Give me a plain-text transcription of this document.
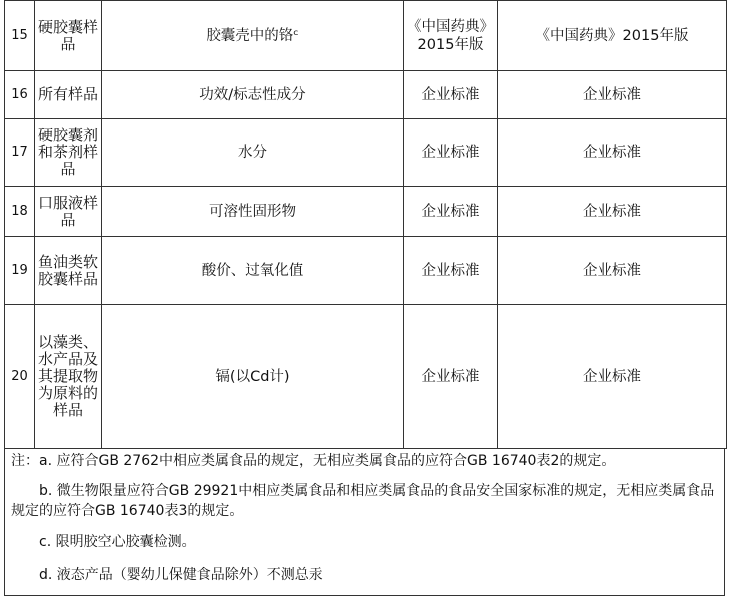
15	硬胶囊样品	胶囊壳中的铬ᶜ	《中国药典》2015年版	《中国药典》2015年版
16	所有样品	功效/标志性成分	企业标准	企业标准
17	硬胶囊剂和茶剂样品	水分	企业标准	企业标准
18	口服液样品	可溶性固形物	企业标准	企业标准
19	鱼油类软胶囊样品	酸价、过氧化值	企业标准	企业标准
20	以藻类、水产品及其提取物为原料的样品	镉(以Cd计)	企业标准	企业标准
注：a. 应符合GB 2762中相应类属食品的规定，无相应类属食品的应符合GB 16740表2的规定。
b. 微生物限量应符合GB 29921中相应类属食品和相应类属食品的食品安全国家标准的规定，无相应类属食品规定的应符合GB 16740表3的规定。
c. 限明胶空心胶囊检测。
d. 液态产品（婴幼儿保健食品除外）不测总汞
